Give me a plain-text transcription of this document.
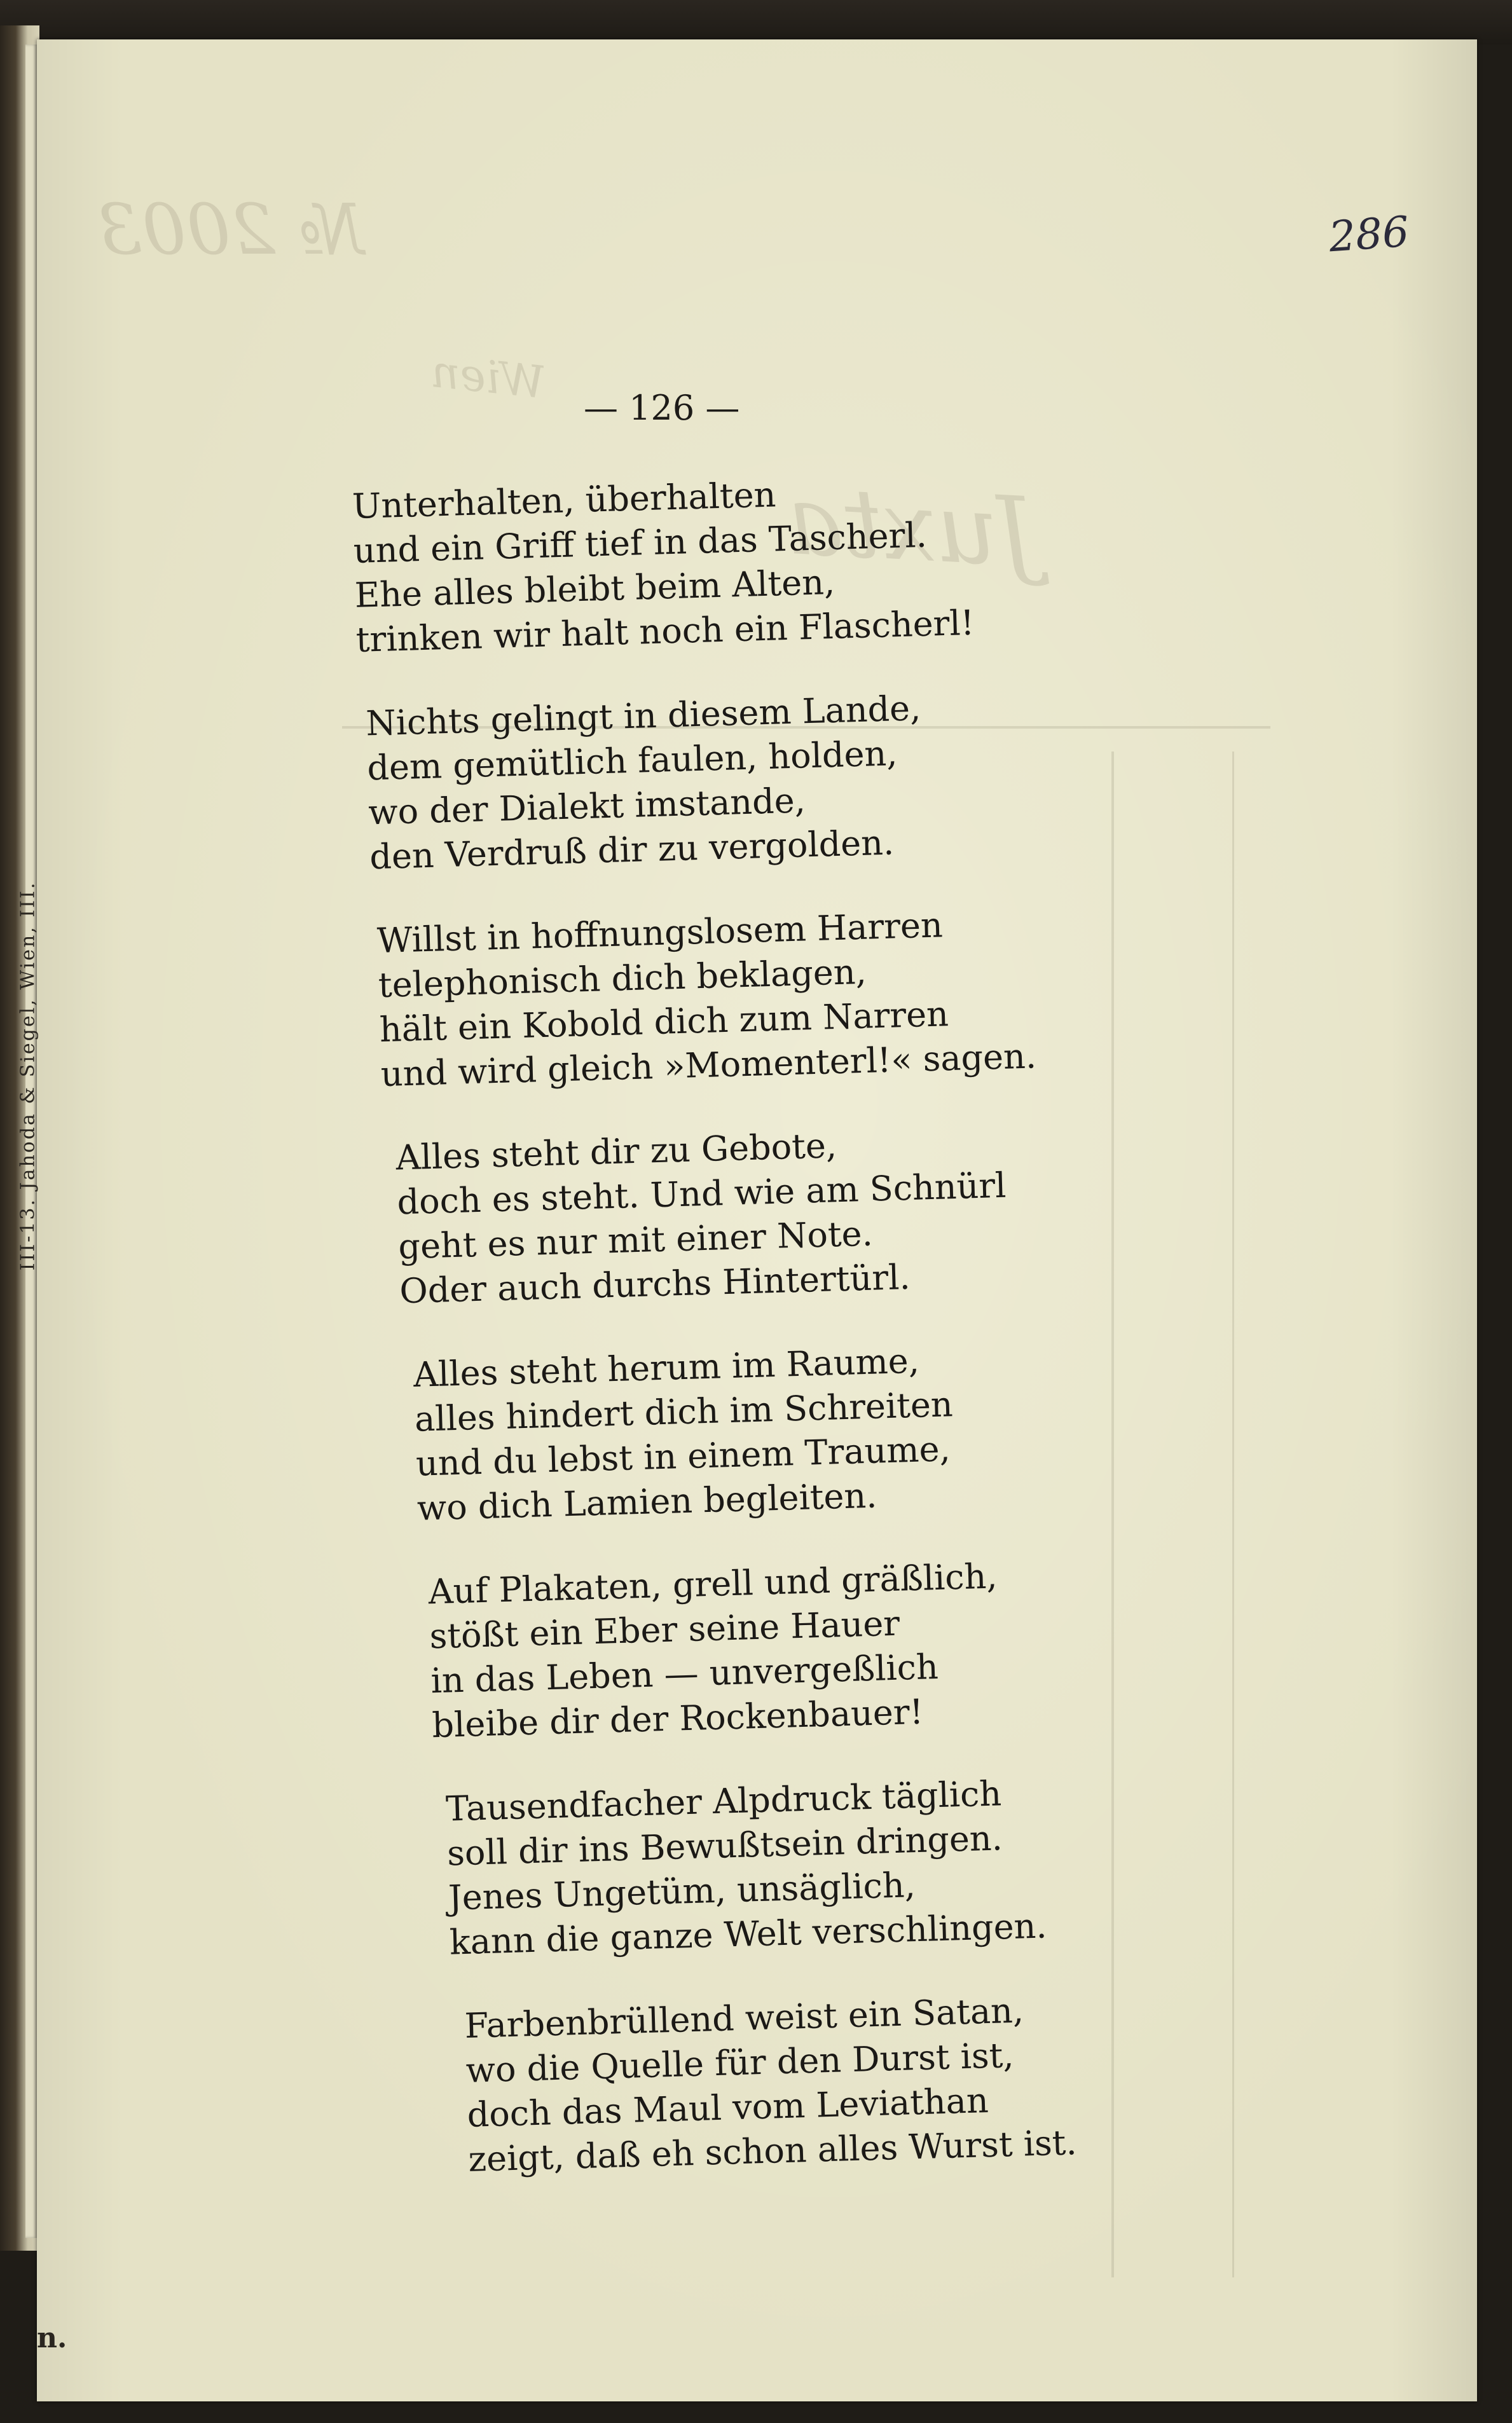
№ 2003
Juxta
Wien
III-13. Jahoda & Siegel, Wien, III.
n.
286
— 126 —
Unterhalten, überhalten
und ein Griff tief in das Tascherl.
Ehe alles bleibt beim Alten,
trinken wir halt noch ein Flascherl!
Nichts gelingt in diesem Lande,
dem gemütlich faulen, holden,
wo der Dialekt imstande,
den Verdruß dir zu vergolden.
Willst in hoffnungslosem Harren
telephonisch dich beklagen,
hält ein Kobold dich zum Narren
und wird gleich »Momenterl!« sagen.
Alles steht dir zu Gebote,
doch es steht. Und wie am Schnürl
geht es nur mit einer Note.
Oder auch durchs Hintertürl.
Alles steht herum im Raume,
alles hindert dich im Schreiten
und du lebst in einem Traume,
wo dich Lamien begleiten.
Auf Plakaten, grell und gräßlich,
stößt ein Eber seine Hauer
in das Leben — unvergeßlich
bleibe dir der Rockenbauer!
Tausendfacher Alpdruck täglich
soll dir ins Bewußtsein dringen.
Jenes Ungetüm, unsäglich,
kann die ganze Welt verschlingen.
Farbenbrüllend weist ein Satan,
wo die Quelle für den Durst ist,
doch das Maul vom Leviathan
zeigt, daß eh schon alles Wurst ist.
